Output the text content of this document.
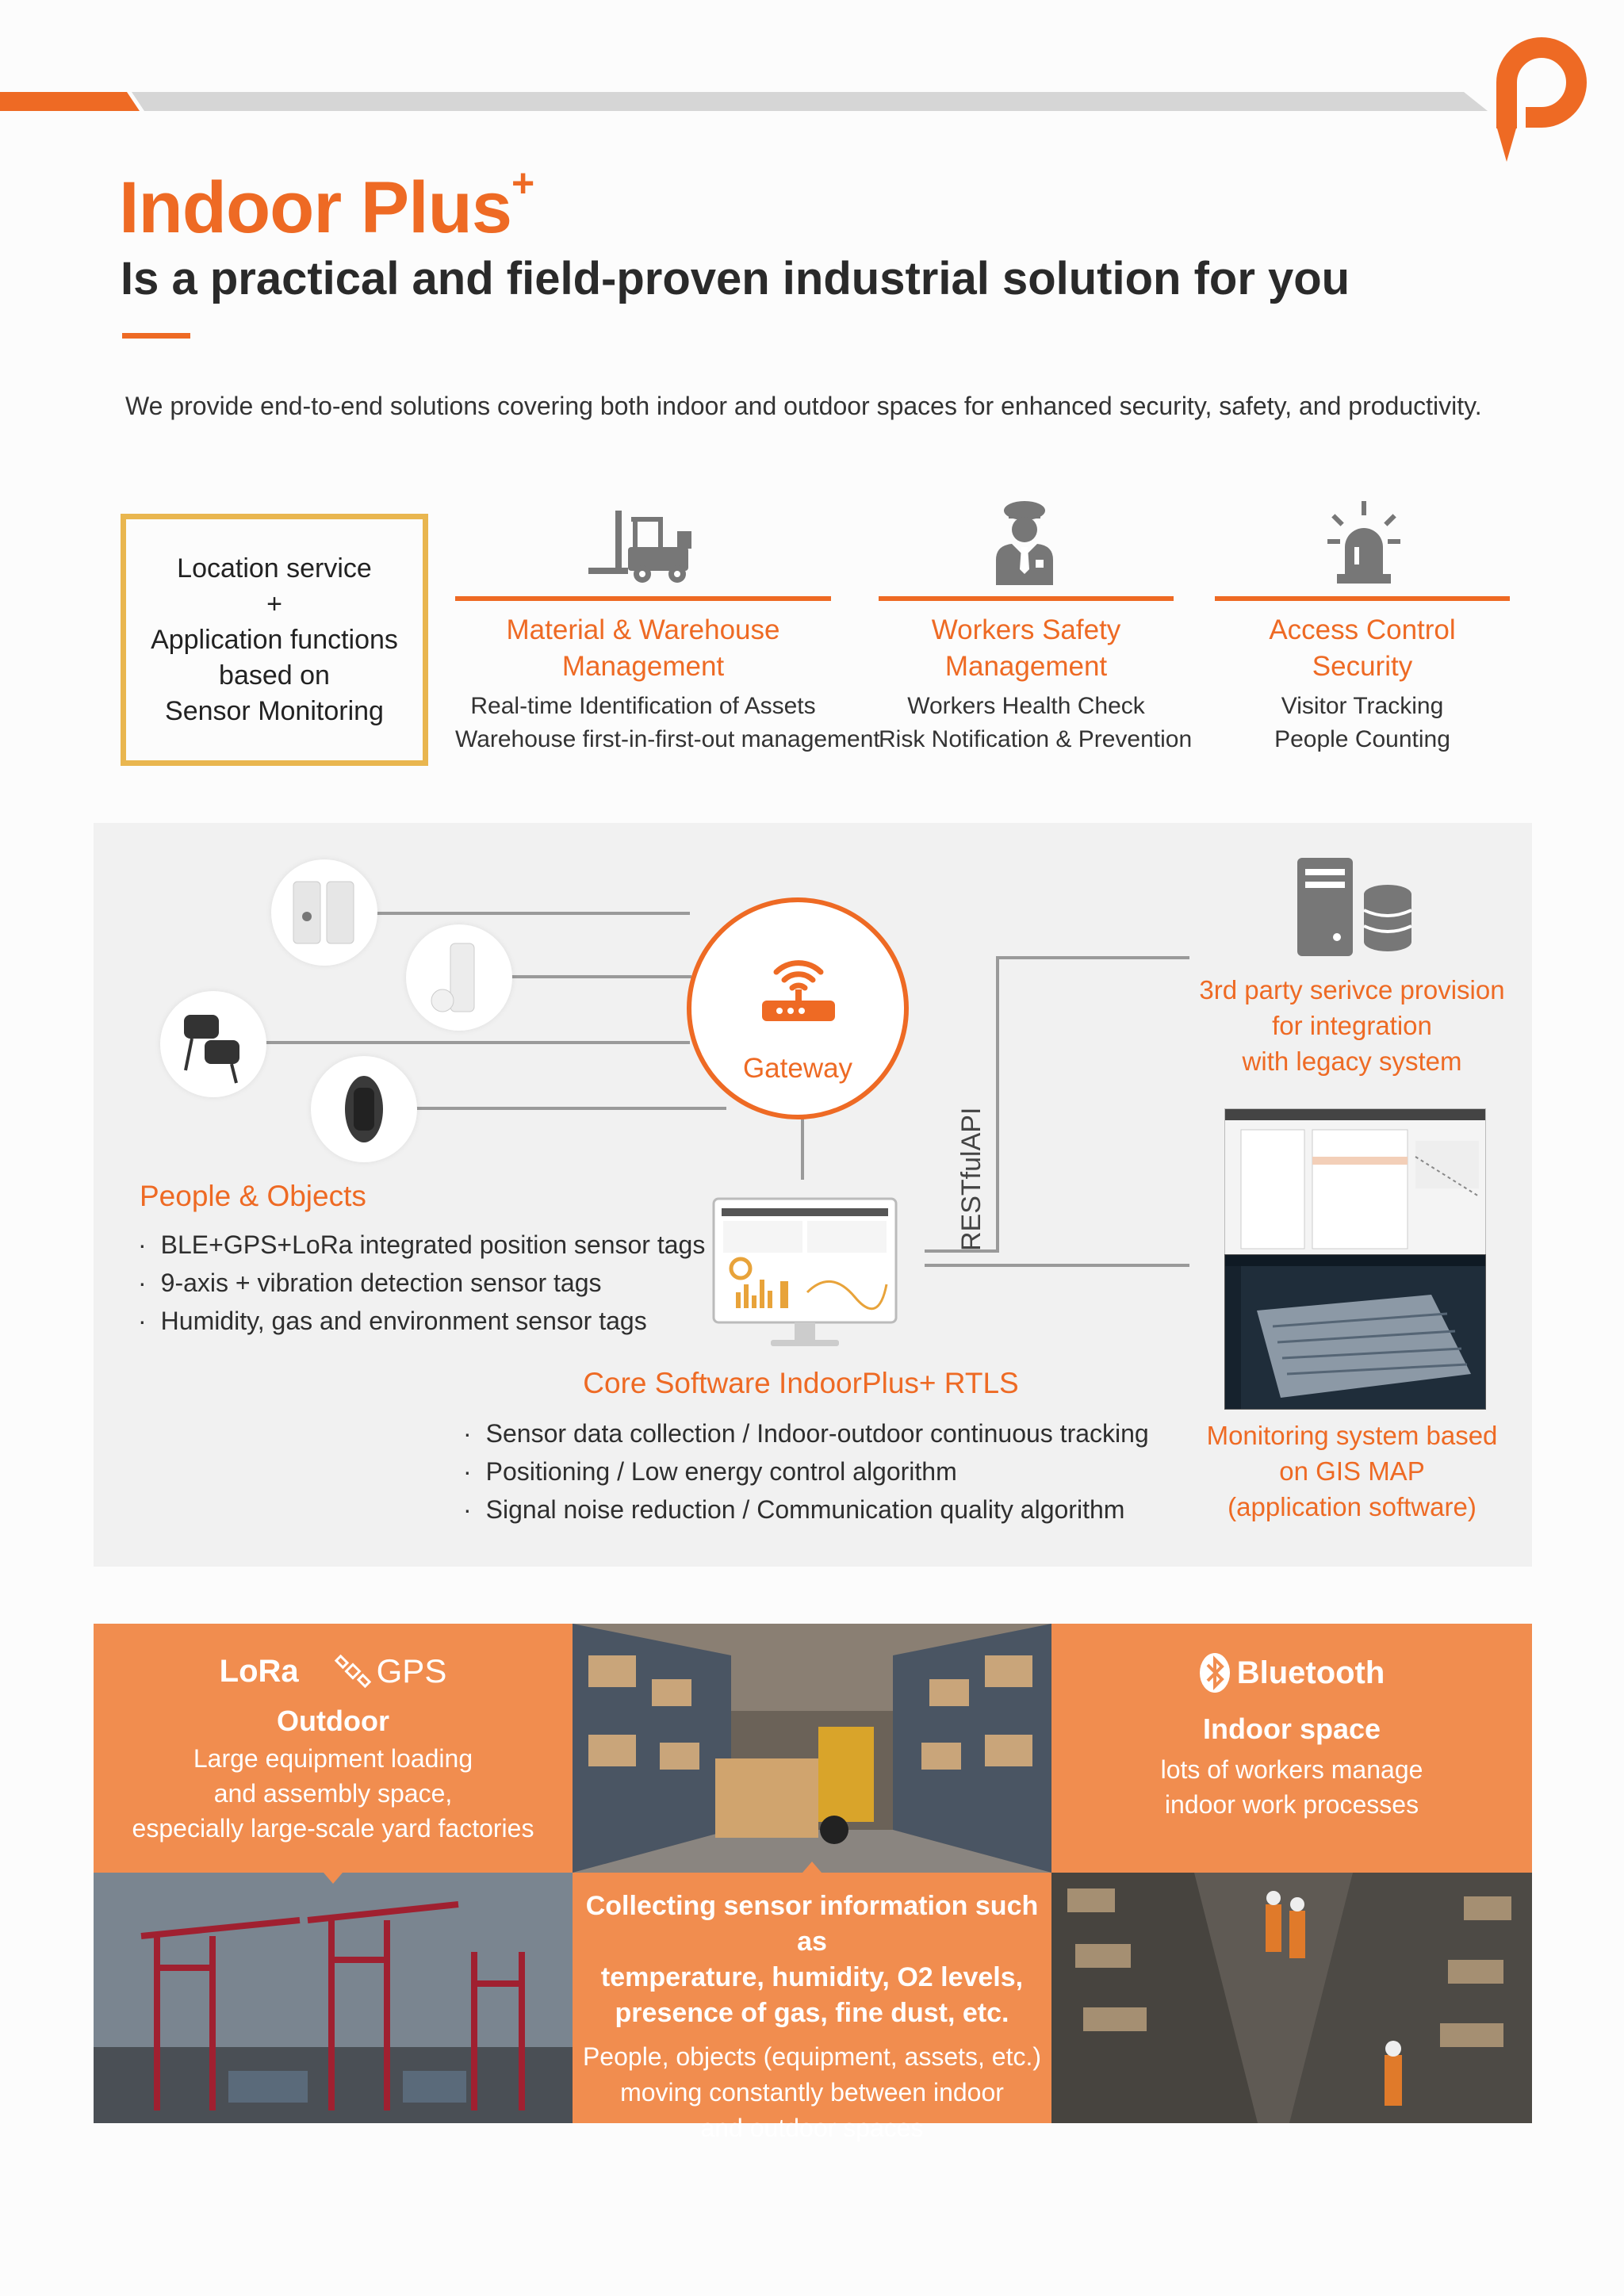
Indoor Plus+
Is a practical and field-proven industrial solution for you
We provide end-to-end solutions covering both indoor and outdoor spaces for enhanced security, safety, and productivity.
Location service
+
Application functions
based on
Sensor Monitoring
Material & Warehouse
Management
Real-time Identification of Assets
Warehouse first-in-first-out management
Workers Safety
Management
Workers Health Check
Risk Notification & Prevention
Access Control
Security
Visitor Tracking
People Counting
Gateway
RESTfulAPI
3rd party serivce provision
for integration
with legacy system
People & Objects
· BLE+GPS+LoRa integrated position sensor tags
· 9-axis + vibration detection sensor tags
· Humidity, gas and environment sensor tags
Core Software IndoorPlus+ RTLS
· Sensor data collection / Indoor-outdoor continuous tracking
· Positioning / Low energy control algorithm
· Signal noise reduction / Communication quality algorithm
Monitoring system based
on GIS MAP
(application software)
LoRa GPS
Outdoor
Large equipment loading
and assembly space,
especially large-scale yard factories
Bluetooth
Indoor space
lots of workers manage
indoor work processes
Collecting sensor information such as
temperature, humidity, O2 levels,
presence of gas, fine dust, etc.
People, objects (equipment, assets, etc.)
moving constantly between indoor
and outdoor spaces
